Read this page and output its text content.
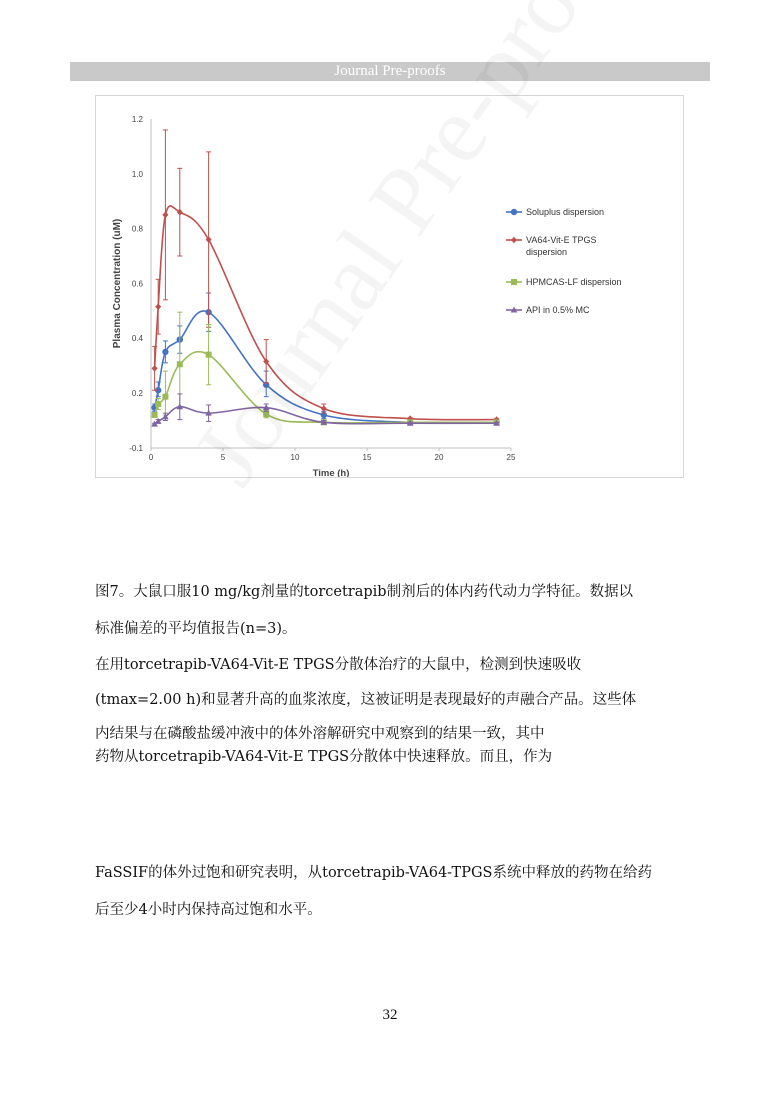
Journal Pre-proofs
-0.1
0.2
0.4
0.6
0.8
1.0
1.2
0	5	10	15	20	25
Time (h)
Plasma Concentration (uM)
Soluplus dispersion
VA64-Vit-E TPGS
dispersion
HPMCAS-LF dispersion
API in 0.5% MC
图7。大鼠口服10 mg/kg剂量的torcetrapib制剂后的体内药代动力学特征。数据以
标准偏差的平均值报告(n=3)。
在用torcetrapib-VA64-Vit-E TPGS分散体治疗的大鼠中，检测到快速吸收
(tmax=2.00 h)和显著升高的血浆浓度，这被证明是表现最好的声融合产品。这些体
内结果与在磷酸盐缓冲液中的体外溶解研究中观察到的结果一致，其中
药物从torcetrapib-VA64-Vit-E TPGS分散体中快速释放。而且，作为
FaSSIF的体外过饱和研究表明，从torcetrapib-VA64-TPGS系统中释放的药物在给药
后至少4小时内保持高过饱和水平。
32
